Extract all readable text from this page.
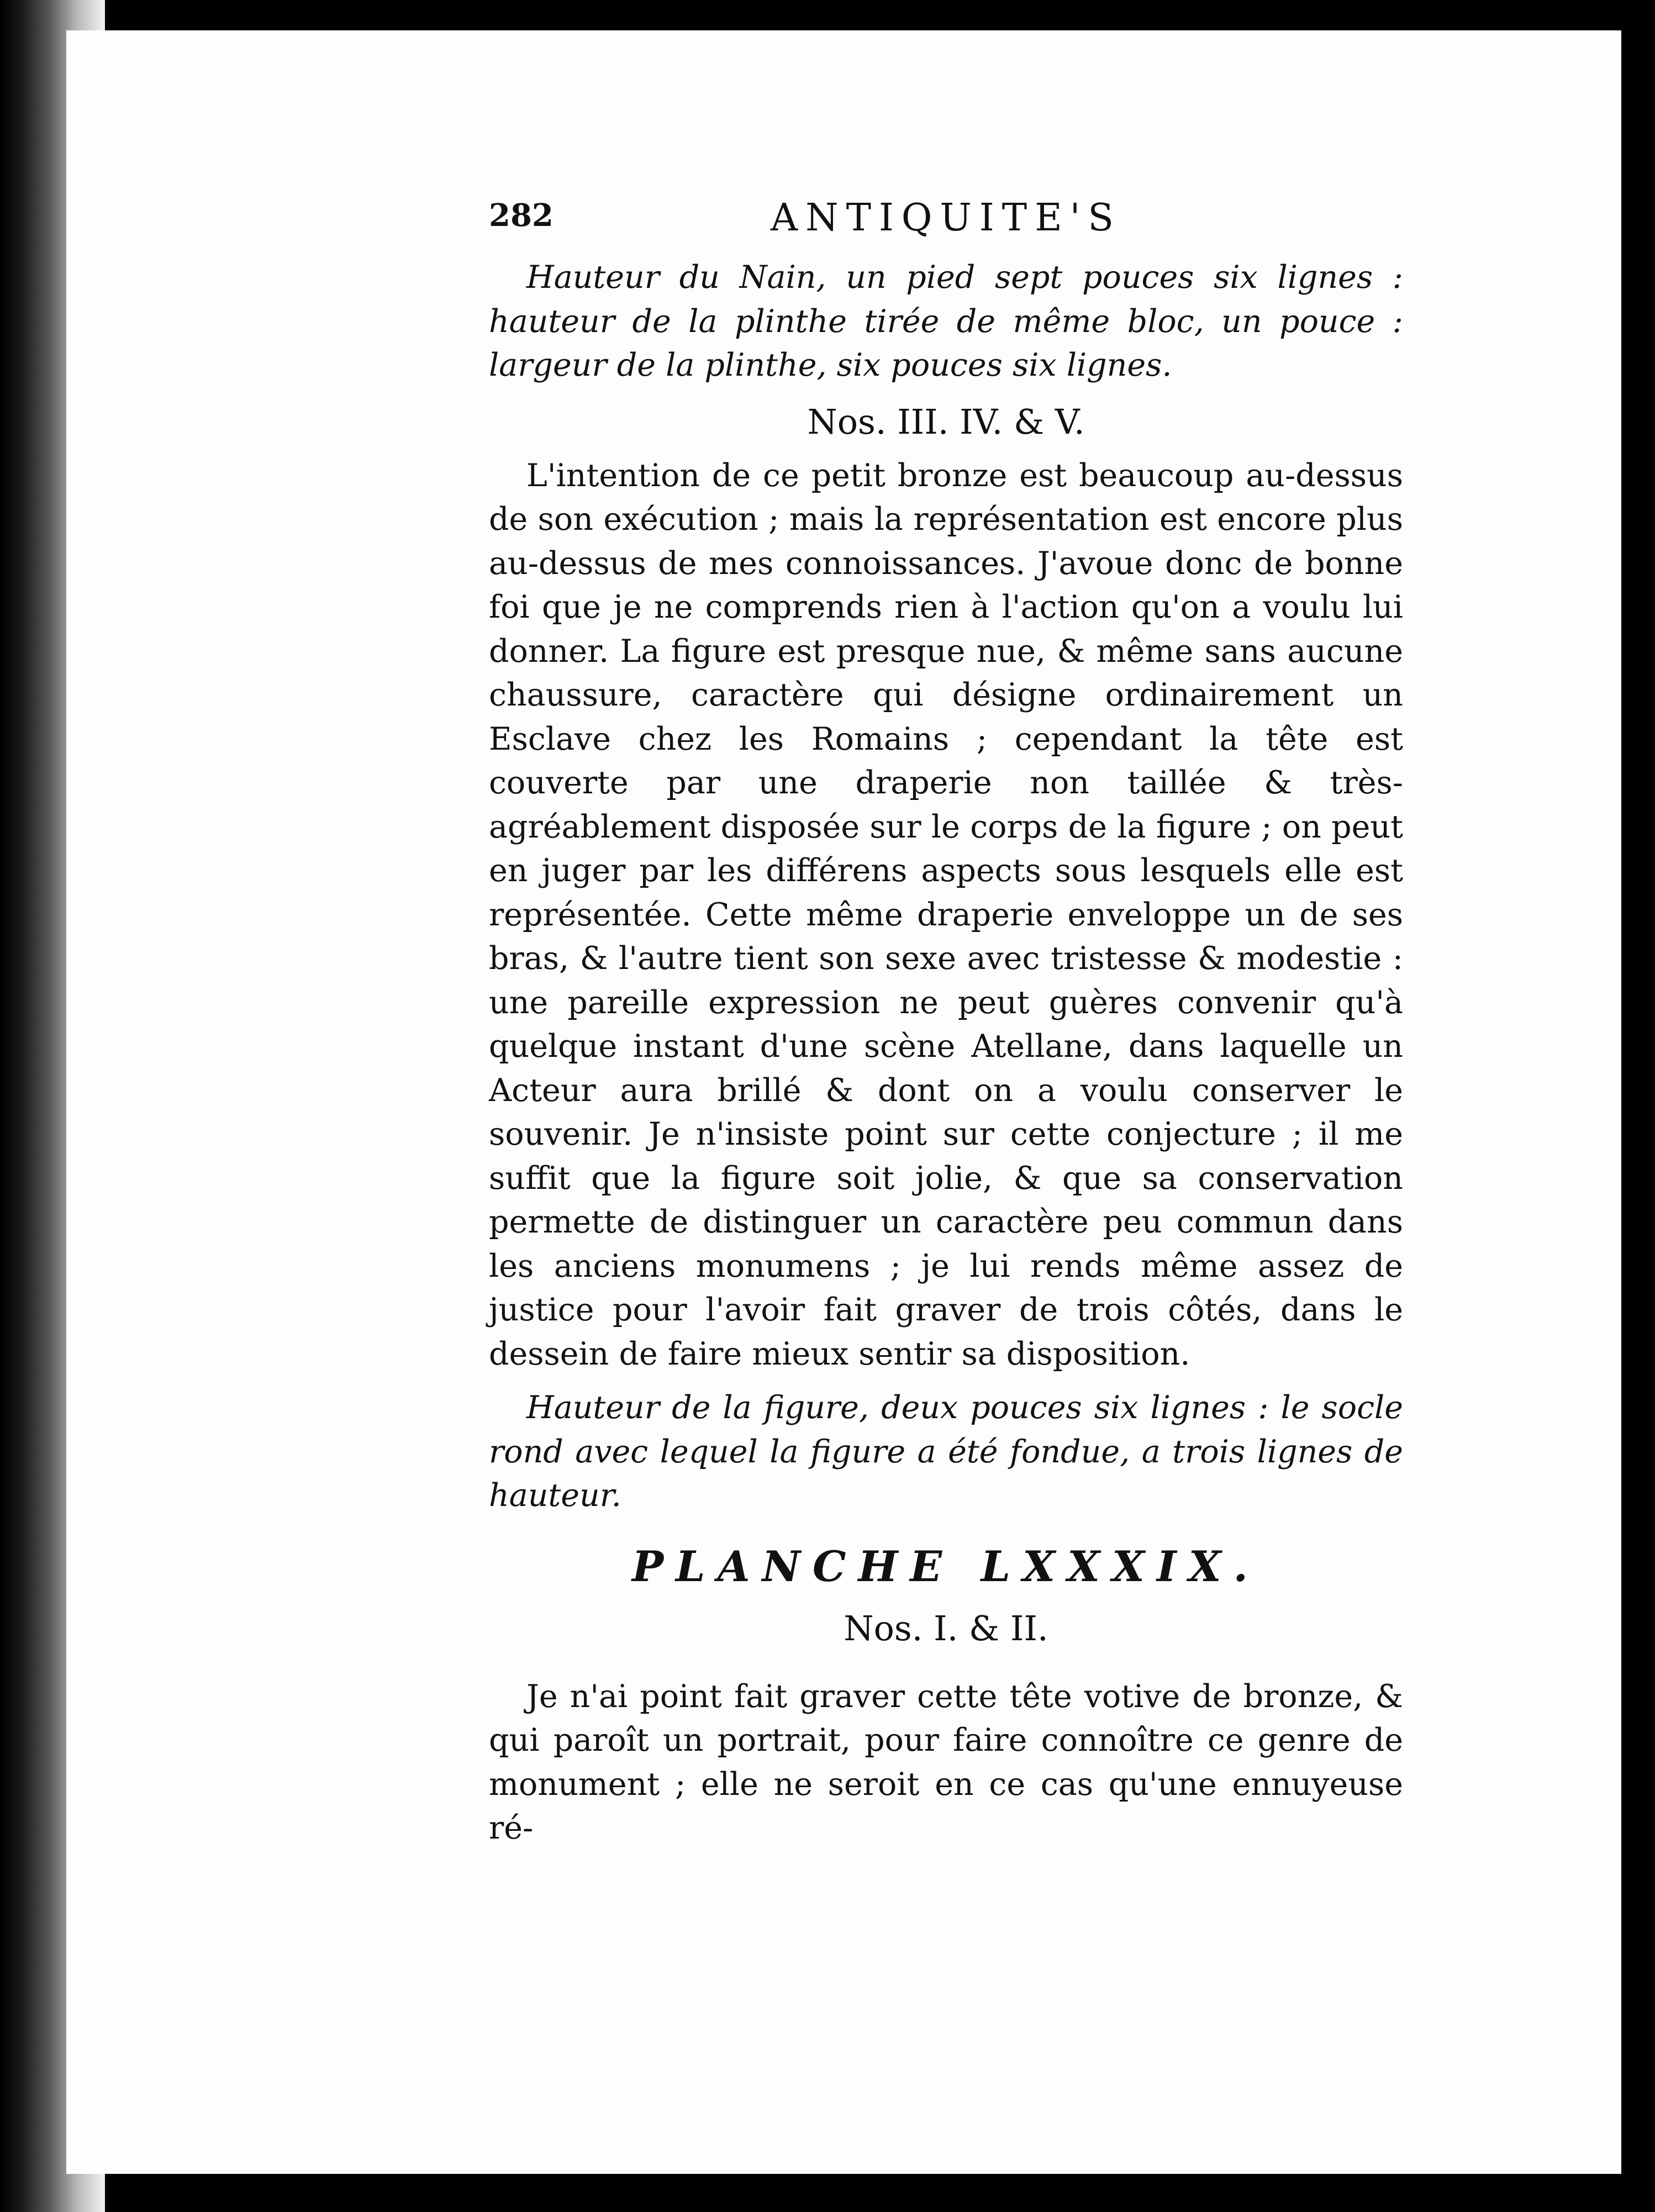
282	ANTIQUITE'S

Hauteur du Nain, un pied sept pouces six lignes : hauteur de la plinthe tirée de même bloc, un pouce : largeur de la plinthe, six pouces six lignes.

Nos. III. IV. & V.

L'intention de ce petit bronze est beaucoup au-dessus de son exécution ; mais la représentation est encore plus au-dessus de mes connoissances. J'avoue donc de bonne foi que je ne comprends rien à l'action qu'on a voulu lui donner. La figure est presque nue, & même sans aucune chaussure, caractère qui désigne ordinairement un Esclave chez les Romains ; cependant la tête est couverte par une draperie non taillée & très-agréablement disposée sur le corps de la figure ; on peut en juger par les différens aspects sous lesquels elle est représentée. Cette même draperie enveloppe un de ses bras, & l'autre tient son sexe avec tristesse & modestie : une pareille expression ne peut guères convenir qu'à quelque instant d'une scène Atellane, dans laquelle un Acteur aura brillé & dont on a voulu conserver le souvenir. Je n'insiste point sur cette conjecture ; il me suffit que la figure soit jolie, & que sa conservation permette de distinguer un caractère peu commun dans les anciens monumens ; je lui rends même assez de justice pour l'avoir fait graver de trois côtés, dans le dessein de faire mieux sentir sa disposition.

Hauteur de la figure, deux pouces six lignes : le socle rond avec lequel la figure a été fondue, a trois lignes de hauteur.

PLANCHE LXXXIX.
Nos. I. & II.

Je n'ai point fait graver cette tête votive de bronze, & qui paroît un portrait, pour faire connoître ce genre de monument ; elle ne seroit en ce cas qu'une ennuyeuse ré-
